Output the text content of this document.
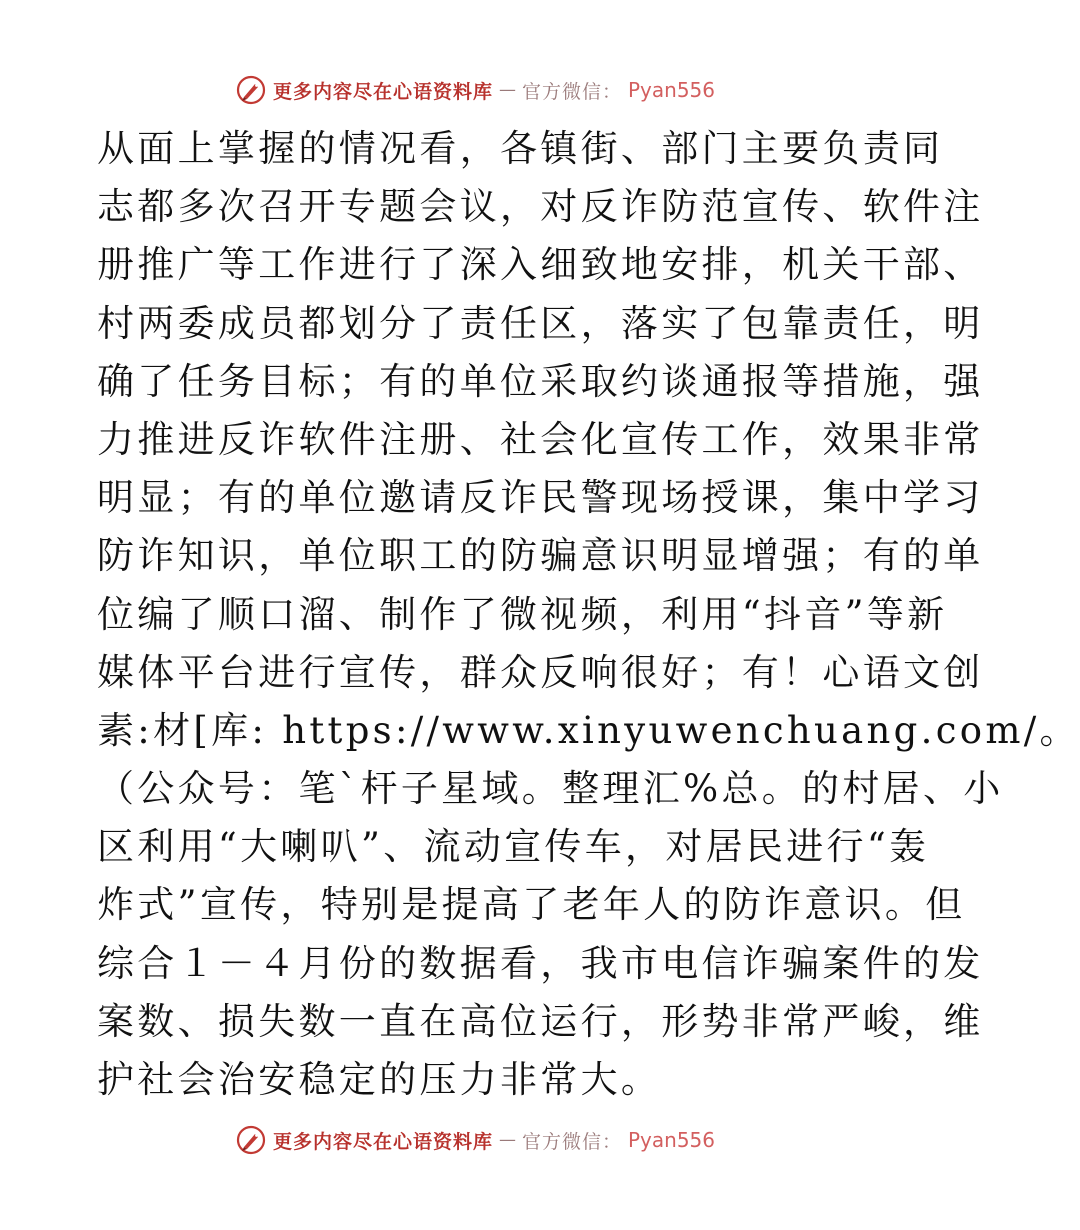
更多内容尽在心语资料库 — 官方微信： Pyan556
从面上掌握的情况看，各镇街、部门主要负责同
志都多次召开专题会议，对反诈防范宣传、软件注
册推广等工作进行了深入细致地安排，机关干部、
村两委成员都划分了责任区，落实了包靠责任，明
确了任务目标；有的单位采取约谈通报等措施，强
力推进反诈软件注册、社会化宣传工作，效果非常
明显；有的单位邀请反诈民警现场授课，集中学习
防诈知识，单位职工的防骗意识明显增强；有的单
位编了顺口溜、制作了微视频，利用“抖音”等新
媒体平台进行宣传，群众反响很好；有！心语文创
素:材[库: https://www.xinyuwenchuang.com/。
（公众号：笔`杆子星域。整理汇%总。的村居、小
区利用“大喇叭”、流动宣传车，对居民进行“轰
炸式”宣传，特别是提高了老年人的防诈意识。但
综合１－４月份的数据看，我市电信诈骗案件的发
案数、损失数一直在高位运行，形势非常严峻，维
护社会治安稳定的压力非常大。
更多内容尽在心语资料库 — 官方微信： Pyan556
